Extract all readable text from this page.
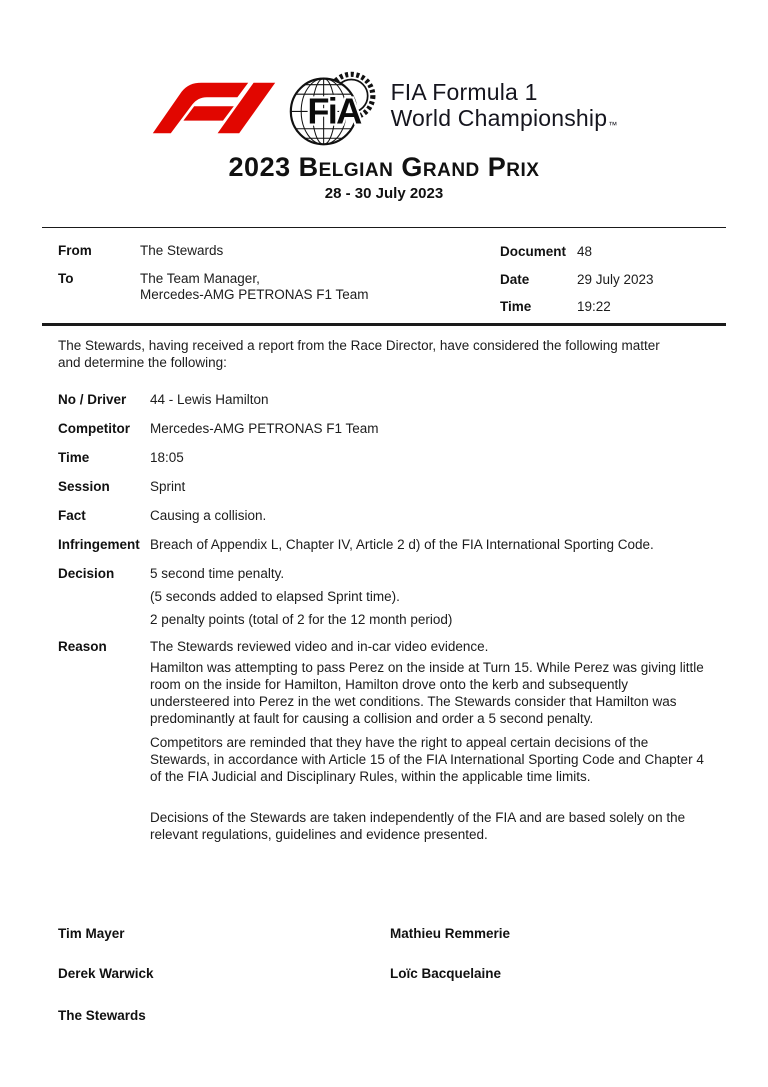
FiA FIA Formula 1
World Championship™
2023 Belgian Grand Prix
28 - 30 July 2023
From	The Stewards
To	The Team Manager,
Mercedes-AMG PETRONAS F1 Team
Document 48
Date	29 July 2023
Time	19:22

The Stewards, having received a report from the Race Director, have considered the following matter and determine the following:

No / Driver	44 - Lewis Hamilton
Competitor	Mercedes-AMG PETRONAS F1 Team
Time	18:05
Session	Sprint
Fact	Causing a collision.
Infringement Breach of Appendix L, Chapter IV, Article 2 d) of the FIA International Sporting Code.
Decision	5 second time penalty.
(5 seconds added to elapsed Sprint time).
2 penalty points (total of 2 for the 12 month period)
Reason	The Stewards reviewed video and in-car video evidence.

Hamilton was attempting to pass Perez on the inside at Turn 15. While Perez was giving little room on the inside for Hamilton, Hamilton drove onto the kerb and subsequently understeered into Perez in the wet conditions. The Stewards consider that Hamilton was predominantly at fault for causing a collision and order a 5 second penalty.

Competitors are reminded that they have the right to appeal certain decisions of the Stewards, in accordance with Article 15 of the FIA International Sporting Code and Chapter 4 of the FIA Judicial and Disciplinary Rules, within the applicable time limits.

Decisions of the Stewards are taken independently of the FIA and are based solely on the relevant regulations, guidelines and evidence presented.

Tim Mayer	Mathieu Remmerie
Derek Warwick	Loïc Bacquelaine
The Stewards
